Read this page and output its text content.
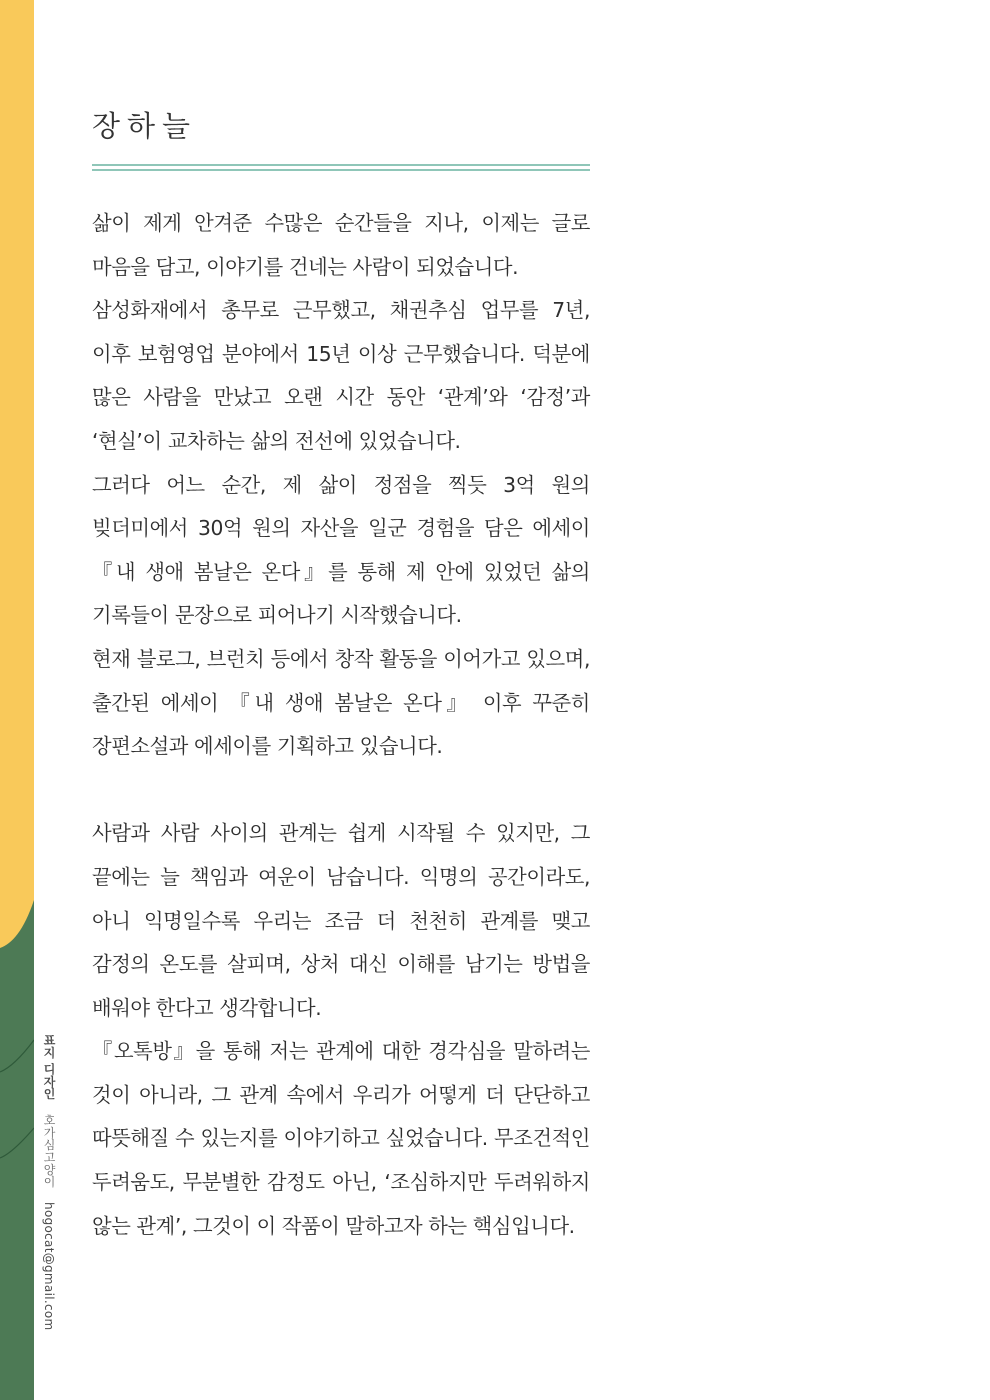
표지 디자인 호가심고양이 hogocat@gmail.com
장하늘

삶이 제게 안겨준 수많은 순간들을 지나, 이제는 글로 마음을 담고, 이야기를 건네는 사람이 되었습니다.

삼성화재에서 총무로 근무했고, 채권추심 업무를 7년, 이후 보험영업 분야에서 15년 이상 근무했습니다. 덕분에 많은 사람을 만났고 오랜 시간 동안 ‘관계’와 ‘감정’과 ‘현실’이 교차하는 삶의 전선에 있었습니다.

그러다 어느 순간, 제 삶이 정점을 찍듯 3억 원의 빚더미에서 30억 원의 자산을 일군 경험을 담은 에세이 『내 생애 봄날은 온다』를 통해 제 안에 있었던 삶의 기록들이 문장으로 피어나기 시작했습니다.

현재 블로그, 브런치 등에서 창작 활동을 이어가고 있으며, 출간된 에세이 『내 생애 봄날은 온다』 이후 꾸준히 장편소설과 에세이를 기획하고 있습니다.

사람과 사람 사이의 관계는 쉽게 시작될 수 있지만, 그 끝에는 늘 책임과 여운이 남습니다. 익명의 공간이라도, 아니 익명일수록 우리는 조금 더 천천히 관계를 맺고 감정의 온도를 살피며, 상처 대신 이해를 남기는 방법을 배워야 한다고 생각합니다.

『오톡방』을 통해 저는 관계에 대한 경각심을 말하려는 것이 아니라, 그 관계 속에서 우리가 어떻게 더 단단하고 따뜻해질 수 있는지를 이야기하고 싶었습니다. 무조건적인 두려움도, 무분별한 감정도 아닌, ‘조심하지만 두려워하지 않는 관계’, 그것이 이 작품이 말하고자 하는 핵심입니다.
